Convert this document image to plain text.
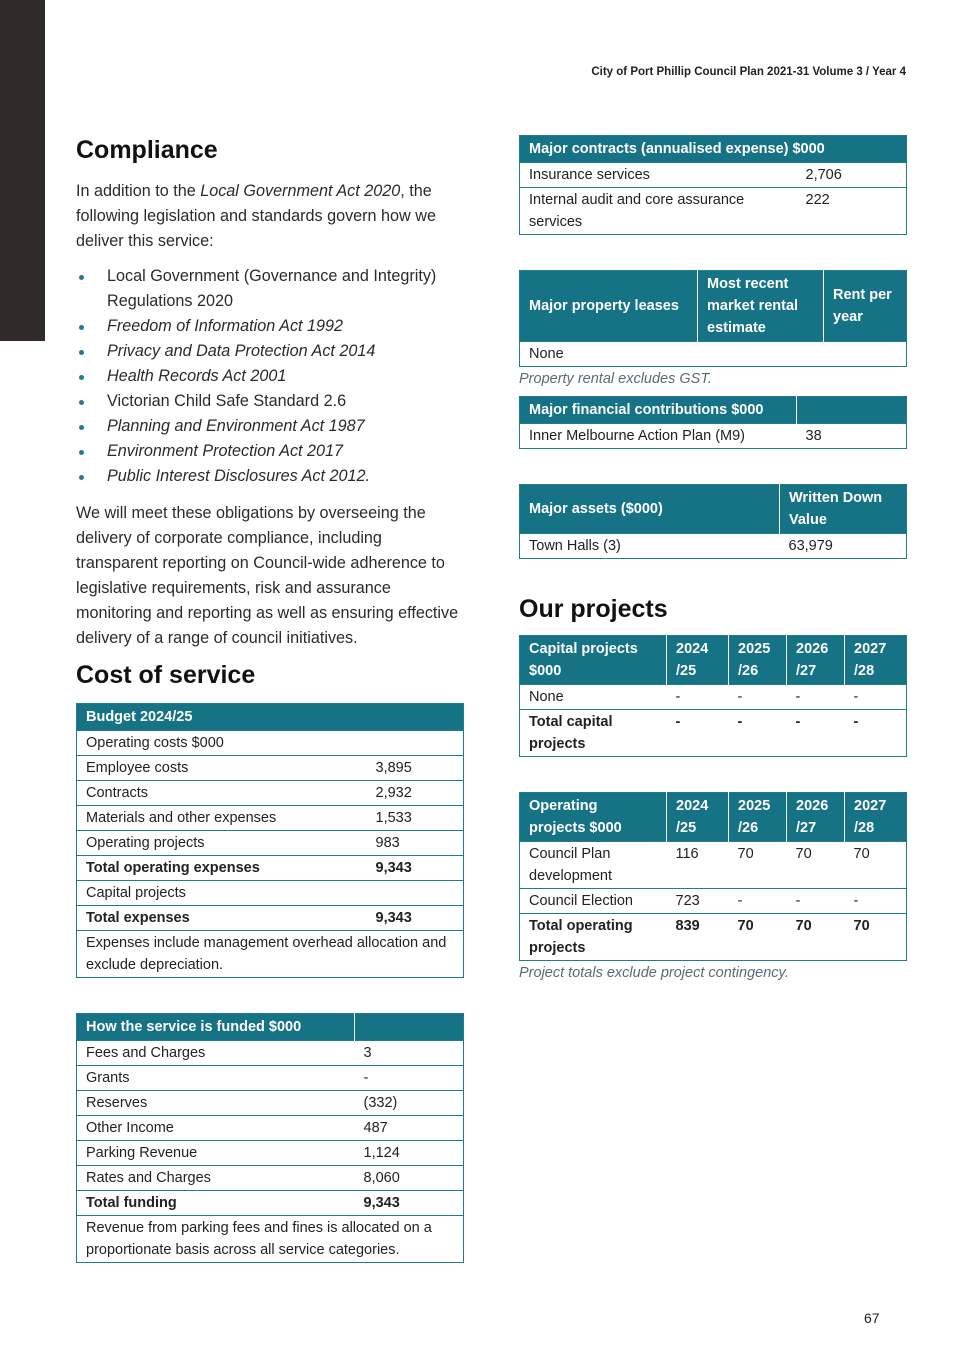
City of Port Phillip Council Plan 2021-31 Volume 3 / Year 4
Compliance

In addition to the Local Government Act 2020, the following legislation and standards govern how we deliver this service:

Local Government (Governance and Integrity) Regulations 2020
Freedom of Information Act 1992
Privacy and Data Protection Act 2014
Health Records Act 2001
Victorian Child Safe Standard 2.6
Planning and Environment Act 1987
Environment Protection Act 2017
Public Interest Disclosures Act 2012.

We will meet these obligations by overseeing the delivery of corporate compliance, including transparent reporting on Council-wide adherence to legislative requirements, risk and assurance monitoring and reporting as well as ensuring effective delivery of a range of council initiatives.

Cost of service
Budget 2024/25	
Operating costs $000	
Employee costs	3,895
Contracts	2,932
Materials and other expenses	1,533
Operating projects	983
Total operating expenses	9,343
Capital projects	
Total expenses	9,343
Expenses include management overhead allocation and exclude depreciation.	
How the service is funded $000	
Fees and Charges	3
Grants	-
Reserves	(332)
Other Income	487
Parking Revenue	1,124
Rates and Charges	8,060
Total funding	9,343
Revenue from parking fees and fines is allocated on a proportionate basis across all service categories.	
Major contracts (annualised expense) $000	
Insurance services	2,706
Internal audit and core assurance services	222
Major property leases	Most recent market rental estimate	Rent per year
None		
Property rental excludes GST.
Major financial contributions $000	
Inner Melbourne Action Plan (M9)	38
Major assets ($000)	Written Down Value
Town Halls (3)	63,979
Our projects
Capital projects $000	2024 /25	2025 /26	2026 /27	2027 /28
None	-	-	-	-
Total capital projects	-	-	-	-
Operating projects $000	2024 /25	2025 /26	2026 /27	2027 /28
Council Plan development	116	70	70	70
Council Election	723	-	-	-
Total operating projects	839	70	70	70
Project totals exclude project contingency.
67
